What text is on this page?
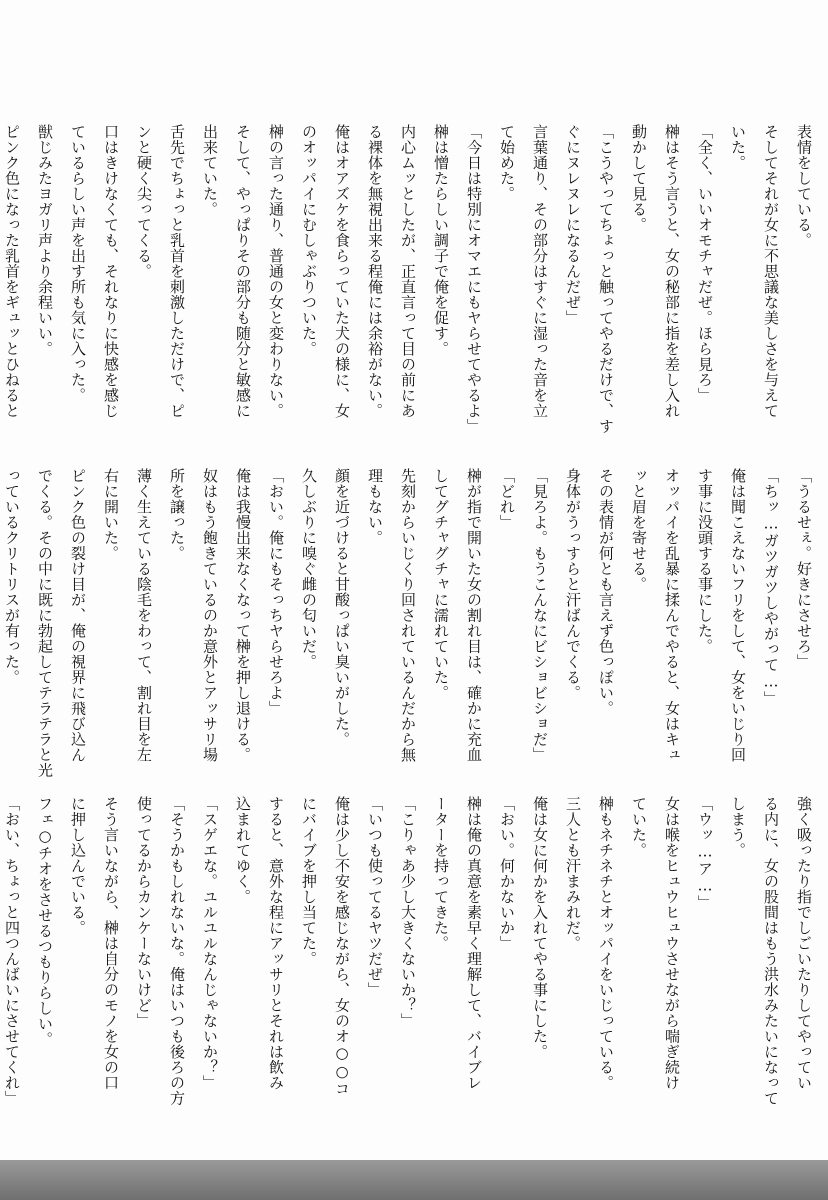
表情をしている。
そしてそれが女に不思議な美しさを与えて
いた。
「全く、いいオモチャだぜ。ほら見ろ」
榊はそう言うと、女の秘部に指を差し入れ
動かして見る。
「こうやってちょっと触ってやるだけで、す
ぐにヌレヌレになるんだぜ」
言葉通り、その部分はすぐに湿った音を立
て始めた。
「今日は特別にオマエにもヤらせてやるよ」
榊は憎たらしい調子で俺を促す。
内心ムッとしたが、正直言って目の前にあ
る裸体を無視出来る程俺には余裕がない。
俺はオアズケを食らっていた犬の様に、女
のオッパイにむしゃぶりついた。
榊の言った通り、普通の女と変わりない。
そして、やっぱりその部分も随分と敏感に
出来ていた。
舌先でちょっと乳首を刺激しただけで、ピ
ンと硬く尖ってくる。
口はきけなくても、それなりに快感を感じ
ているらしい声を出す所も気に入った。
獣じみたヨガリ声より余程いい。
ピンク色になった乳首をギュッとひねると
「うるせぇ。好きにさせろ」
「ちッ…ガツガツしやがって…」
俺は聞こえないフリをして、女をいじり回
す事に没頭する事にした。
オッパイを乱暴に揉んでやると、女はキュ
ッと眉を寄せる。
その表情が何とも言えず色っぽい。
身体がうっすらと汗ばんでくる。
「見ろよ。もうこんなにビショビショだ」
「どれ」
榊が指で開いた女の割れ目は、確かに充血
してグチャグチャに濡れていた。
先刻からいじくり回されているんだから無
理もない。
顔を近づけると甘酸っぱい臭いがした。
久しぶりに嗅ぐ雌の匂いだ。
「おい。俺にもそっちヤらせろよ」
俺は我慢出来なくなって榊を押し退ける。
奴はもう飽きているのか意外とアッサリ場
所を譲った。
薄く生えている陰毛をわって、割れ目を左
右に開いた。
ピンク色の裂け目が、俺の視界に飛び込ん
でくる。その中に既に勃起してテラテラと光
っているクリトリスが有った。
強く吸ったり指でしごいたりしてやってい
る内に、女の股間はもう洪水みたいになって
しまう。
「ウッ…ア…」
女は喉をヒュウヒュウさせながら喘ぎ続け
ていた。
榊もネチネチとオッパイをいじっている。
三人とも汗まみれだ。
俺は女に何かを入れてやる事にした。
「おい。何かないか」
榊は俺の真意を素早く理解して、バイブレ
ーターを持ってきた。
「こりゃあ少し大きくないか？」
「いつも使ってるヤツだぜ」
俺は少し不安を感じながら、女のオ○○コ
にバイブを押し当てた。
すると、意外な程にアッサリとそれは飲み
込まれてゆく。
「スゲエな。ユルユルなんじゃないか？」
「そうかもしれないな。俺はいつも後ろの方
使ってるからカンケーないけど」
そう言いながら、榊は自分のモノを女の口
に押し込んでいる。
フェ○チオをさせるつもりらしい。
「おい、ちょっと四つんばいにさせてくれ」
